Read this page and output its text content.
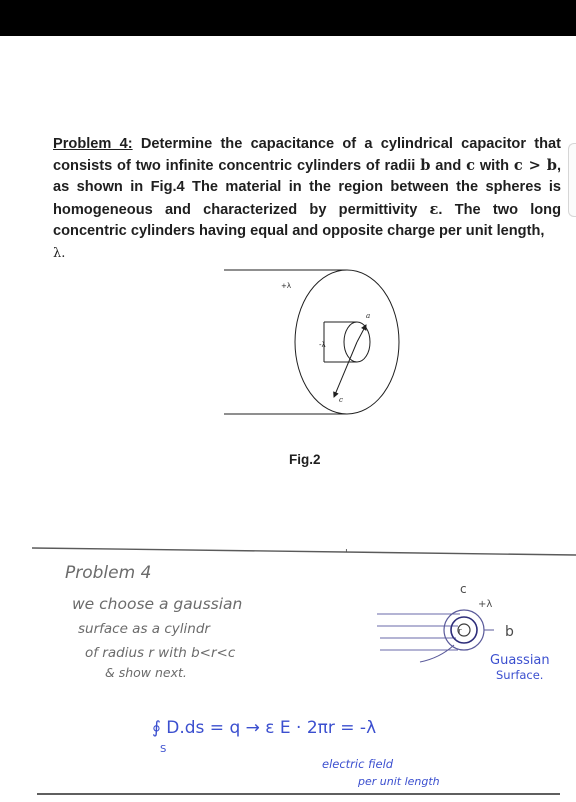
Problem 4: Determine the capacitance of a cylindrical capacitor that consists of two infinite concentric cylinders of radii b and c with c > b, as shown in Fig.4 The material in the region between the spheres is homogeneous and characterized by permittivity ε. The two long concentric cylinders having equal and opposite charge per unit length,
λ.
+λ
-λ
a
c
Fig.2
'
Problem 4
we choose a gaussian
surface as a cylindr
of radius r with b<r<c
& show next.
c
+λ
r	b
Guassian
Surface.
∮ D.ds = q → ε E · 2πr = -λ
S
electric field
per unit length
